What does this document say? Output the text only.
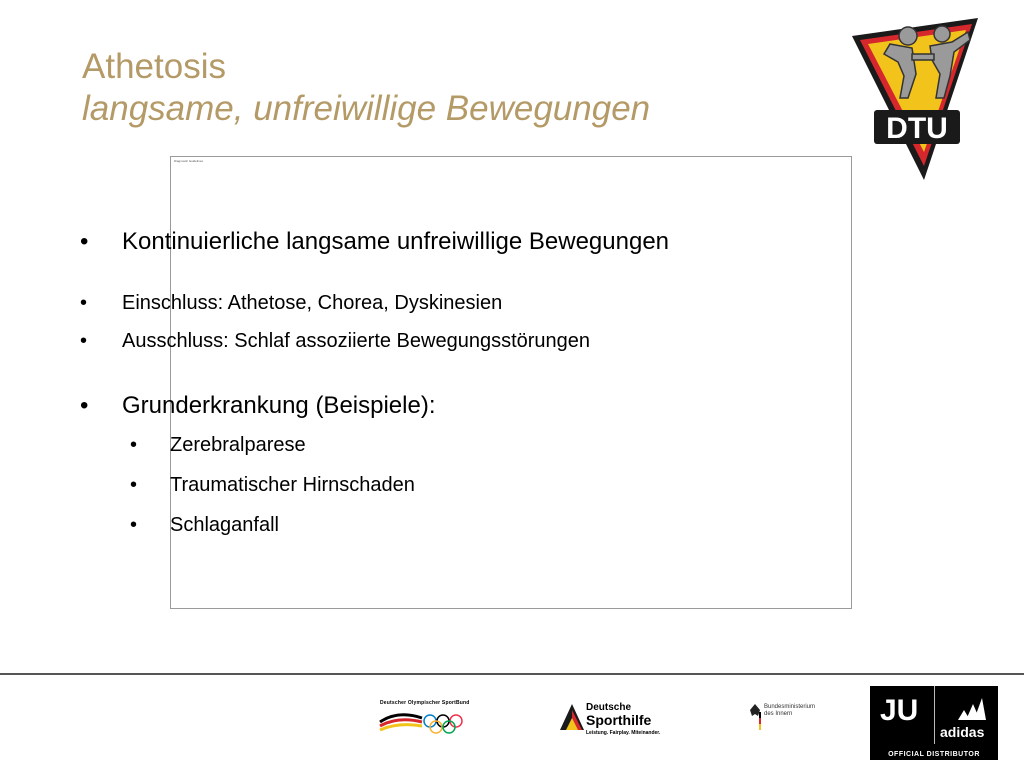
Athetosis
langsame, unfreiwillige Bewegungen
DTU
Diagnostic Guidelines
• Kontinuierliche langsame unfreiwillige Bewegungen
• Einschluss: Athetose, Chorea, Dyskinesien
• Ausschluss: Schlaf assoziierte Bewegungsstörungen
• Grunderkrankung (Beispiele):
• Zerebralparese
• Traumatischer Hirnschaden
• Schlaganfall
Deutscher Olympischer SportBund	Deutsche
Sporthilfe
Leistung. Fairplay. Miteinander.
Bundesministerium
des Innern	JU
adidas
OFFICIAL DISTRIBUTOR
